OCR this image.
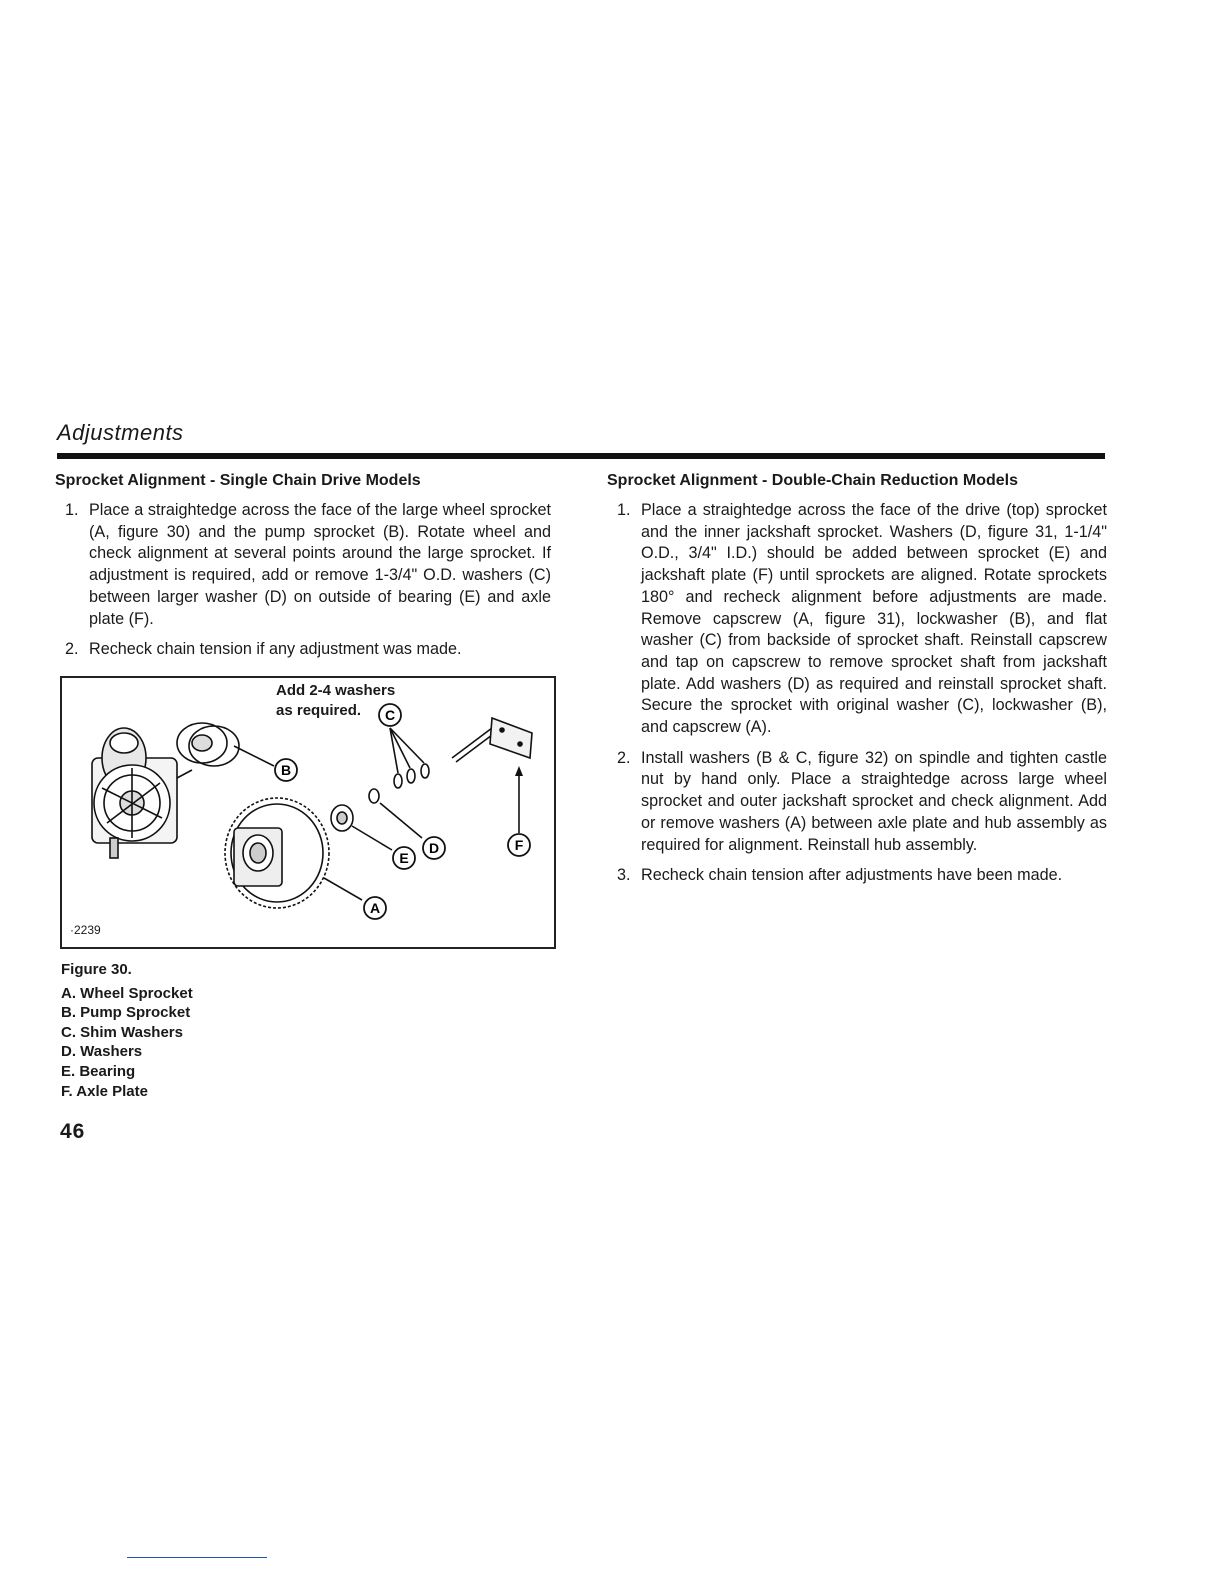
Adjustments
Sprocket Alignment - Single Chain Drive Models
1. Place a straightedge across the face of the large wheel sprocket (A, figure 30) and the pump sprocket (B). Rotate wheel and check alignment at several points around the large sprocket. If adjustment is required, add or remove 1-3/4" O.D. washers (C) between larger washer (D) on outside of bearing (E) and axle plate (F).
2. Recheck chain tension if any adjustment was made.
Add 2-4 washers
as required.
B
A
C
E
D	F
·2239
Figure 30.
A. Wheel Sprocket
B. Pump Sprocket
C. Shim Washers
D. Washers
E. Bearing
F. Axle Plate
Sprocket Alignment - Double-Chain Reduction Models
1. Place a straightedge across the face of the drive (top) sprocket and the inner jackshaft sprocket. Washers (D, figure 31, 1-1/4" O.D., 3/4" I.D.) should be added between sprocket (E) and jackshaft plate (F) until sprockets are aligned. Rotate sprockets 180° and recheck alignment before adjustments are made. Remove capscrew (A, figure 31), lockwasher (B), and flat washer (C) from backside of sprocket shaft. Reinstall capscrew and tap on capscrew to remove sprocket shaft from jackshaft plate. Add washers (D) as required and reinstall sprocket shaft. Secure the sprocket with original washer (C), lockwasher (B), and capscrew (A).
2. Install washers (B & C, figure 32) on spindle and tighten castle nut by hand only. Place a straightedge across large wheel sprocket and outer jackshaft sprocket and check alignment. Add or remove washers (A) between axle plate and hub assembly as required for alignment. Reinstall hub assembly.
3. Recheck chain tension after adjustments have been made.
46
